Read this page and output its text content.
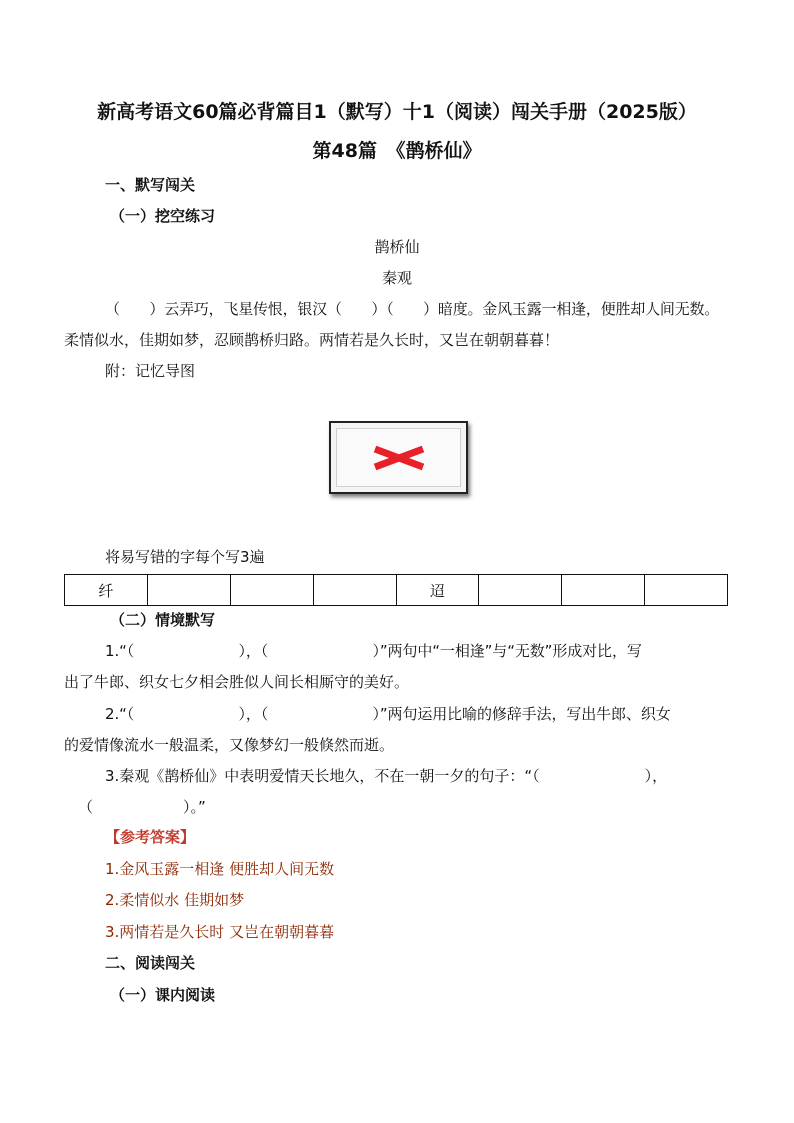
新高考语文60篇必背篇目1（默写）十1（阅读）闯关手册（2025版）
第48篇　《鹊桥仙》
一、默写闯关
（一）挖空练习
鹊桥仙
秦观
（　　）云弄巧，飞星传恨，银汉（　　）（　　）暗度。金风玉露一相逢，便胜却人间无数。
柔情似水，佳期如梦，忍顾鹊桥归路。两情若是久长时，又岂在朝朝暮暮！
附：记忆导图
将易写错的字每个写3遍
纤				迢			
（二）情境默写
1.“（　　　　　　　），（　　　　　　　）”两句中“一相逢”与“无数”形成对比，写
出了牛郎、织女七夕相会胜似人间长相厮守的美好。
2.“（　　　　　　　），（　　　　　　　）”两句运用比喻的修辞手法，写出牛郎、织女
的爱情像流水一般温柔，又像梦幻一般倏然而逝。
3.秦观《鹊桥仙》中表明爱情天长地久，不在一朝一夕的句子：“（　　　　　　　），
（　　　　　　）。”
【参考答案】
1.金风玉露一相逢 便胜却人间无数
2.柔情似水 佳期如梦
3.两情若是久长时 又岂在朝朝暮暮
二、阅读闯关
（一）课内阅读
